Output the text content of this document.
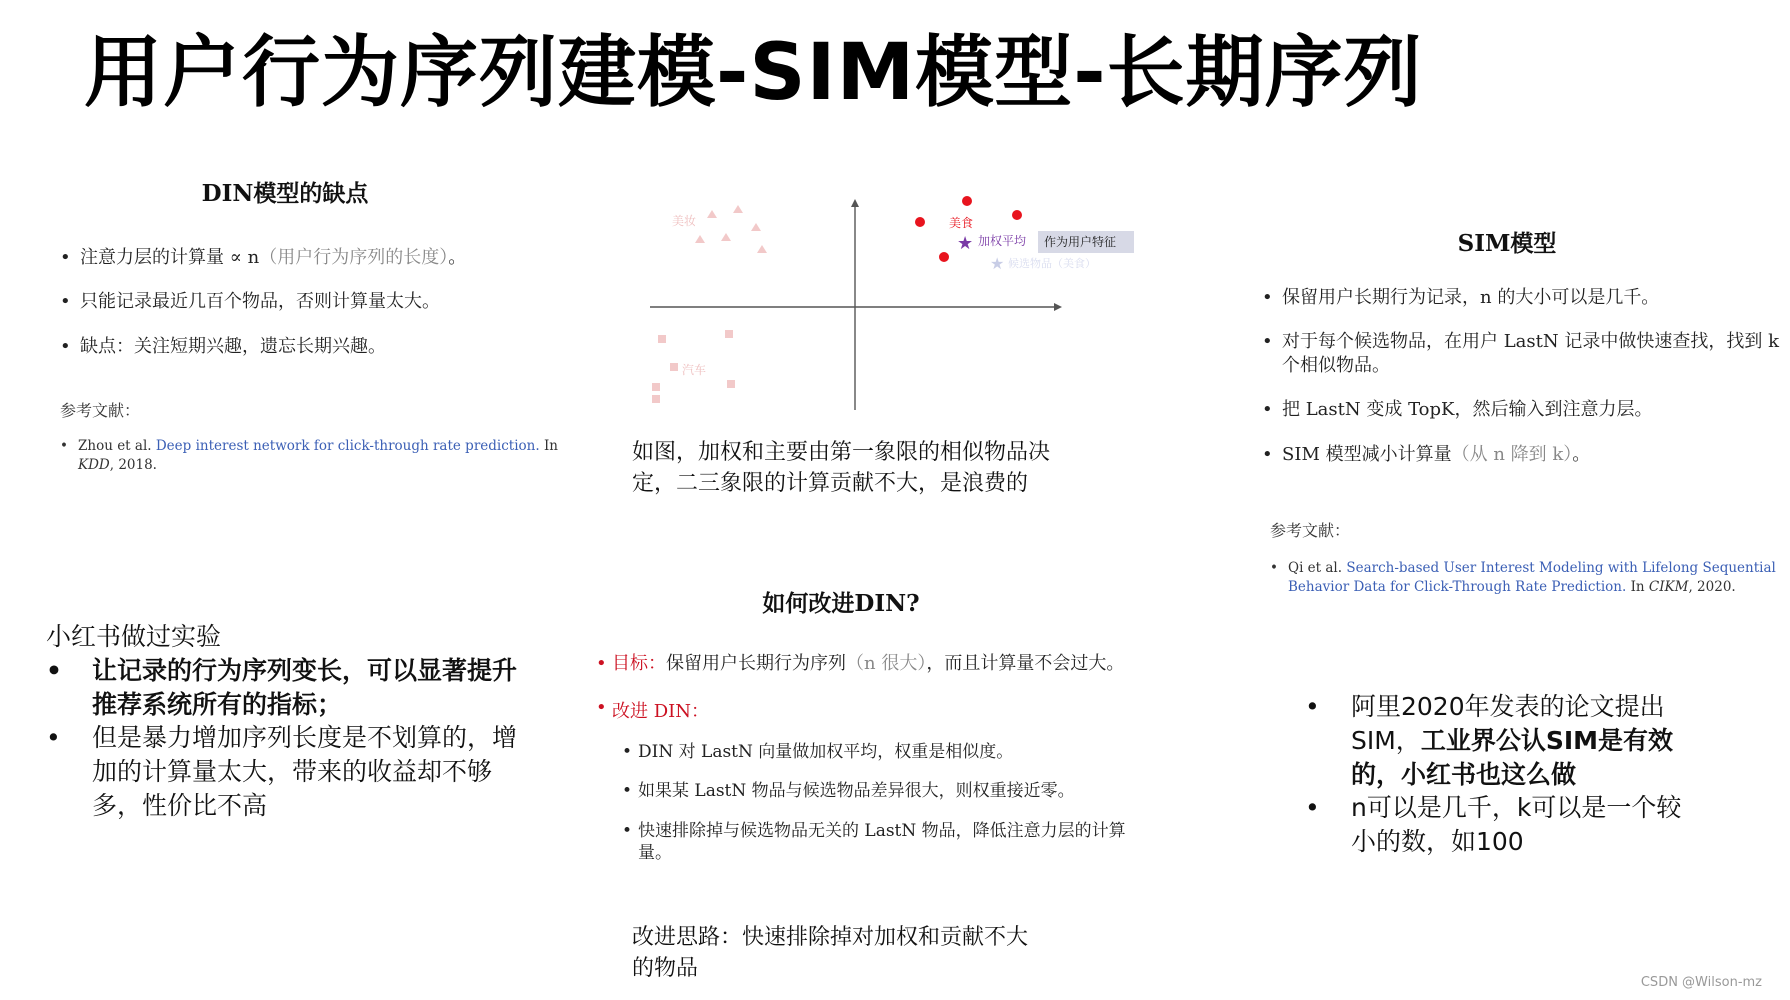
用户行为序列建模-SIM模型-长期序列
DIN模型的缺点
• 注意力层的计算量 ∝ n（用户行为序列的长度）。
• 只能记录最近几百个物品，否则计算量太大。
• 缺点：关注短期兴趣，遗忘长期兴趣。
参考文献：
• Zhou et al. Deep interest network for click-through rate prediction. In KDD, 2018.
美妆
汽车
美食
★ 加权平均 作为用户特征
★ 候选物品（美食）
如图，加权和主要由第一象限的相似物品决定，二三象限的计算贡献不大，是浪费的
SIM模型
• 保留用户长期行为记录，n 的大小可以是几千。
• 对于每个候选物品，在用户 LastN 记录中做快速查找，找到 k 个相似物品。
• 把 LastN 变成 TopK，然后输入到注意力层。
• SIM 模型减小计算量（从 n 降到 k）。
参考文献：
• Qi et al. Search-based User Interest Modeling with Lifelong Sequential Behavior Data for Click-Through Rate Prediction. In CIKM, 2020.
小红书做过实验
• 让记录的行为序列变长，可以显著提升推荐系统所有的指标；
• 但是暴力增加序列长度是不划算的，增加的计算量太大，带来的收益却不够多，性价比不高
如何改进DIN?
• 目标：保留用户长期行为序列（n 很大），而且计算量不会过大。
• 改进 DIN：
• DIN 对 LastN 向量做加权平均，权重是相似度。
• 如果某 LastN 物品与候选物品差异很大，则权重接近零。
• 快速排除掉与候选物品无关的 LastN 物品，降低注意力层的计算量。
改进思路：快速排除掉对加权和贡献不大的物品
• 阿里2020年发表的论文提出SIM，工业界公认SIM是有效的，小红书也这么做
• n可以是几千，k可以是一个较小的数，如100
CSDN @Wilson-mz
